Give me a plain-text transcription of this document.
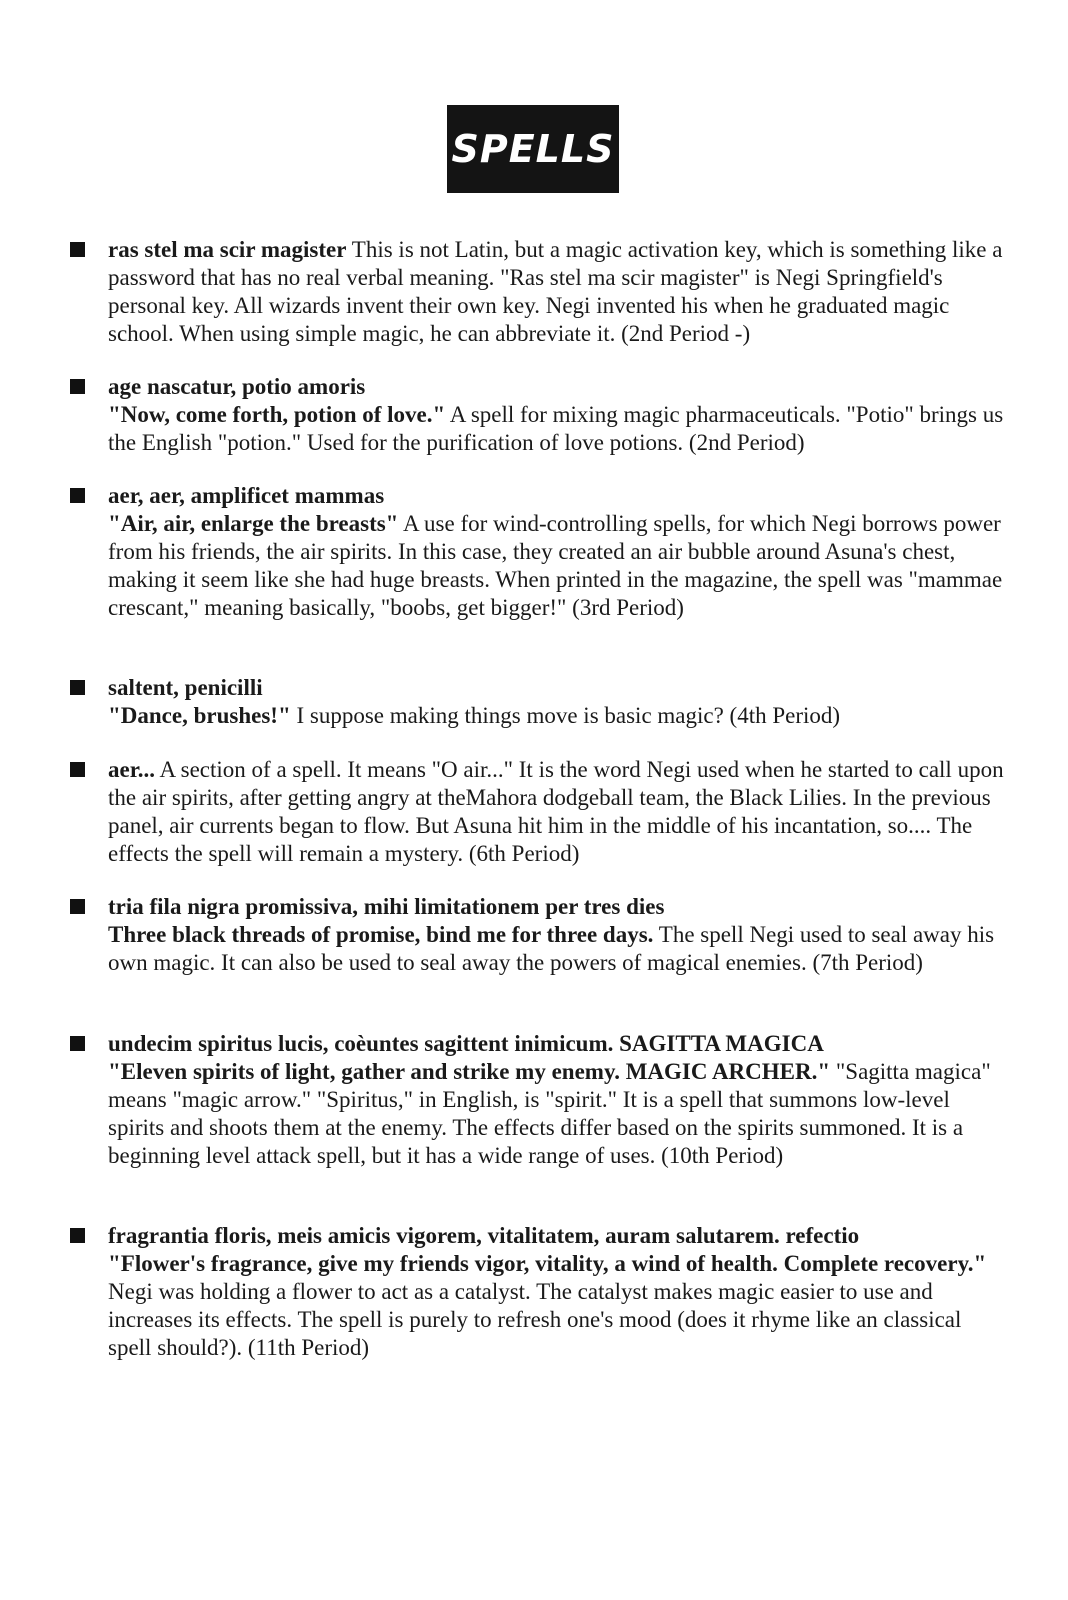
SPELLS
ras stel ma scir magister This is not Latin, but a magic activation key, which is something like a password that has no real verbal meaning. "Ras stel ma scir magister" is Negi Springfield's personal key. All wizards invent their own key. Negi invented his when he graduated magic school. When using simple magic, he can abbreviate it. (2nd Period -)
age nascatur, potio amoris
"Now, come forth, potion of love." A spell for mixing magic pharmaceuticals. "Potio" brings us the English "potion." Used for the purification of love potions. (2nd Period)
aer, aer, amplificet mammas
"Air, air, enlarge the breasts" A use for wind-controlling spells, for which Negi borrows power from his friends, the air spirits. In this case, they created an air bubble around Asuna's chest, making it seem like she had huge breasts. When printed in the magazine, the spell was "mammae crescant," meaning basically, "boobs, get bigger!" (3rd Period)
saltent, penicilli
"Dance, brushes!" I suppose making things move is basic magic? (4th Period)
aer... A section of a spell. It means "O air..." It is the word Negi used when he started to call upon the air spirits, after getting angry at theMahora dodgeball team, the Black Lilies. In the previous panel, air currents began to flow. But Asuna hit him in the middle of his incantation, so.... The effects the spell will remain a mystery. (6th Period)
tria fila nigra promissiva, mihi limitationem per tres dies
Three black threads of promise, bind me for three days. The spell Negi used to seal away his own magic. It can also be used to seal away the powers of magical enemies. (7th Period)
undecim spiritus lucis, coèuntes sagittent inimicum. SAGITTA MAGICA
"Eleven spirits of light, gather and strike my enemy. MAGIC ARCHER." "Sagitta magica" means "magic arrow." "Spiritus," in English, is "spirit." It is a spell that summons low-level spirits and shoots them at the enemy. The effects differ based on the spirits summoned. It is a beginning level attack spell, but it has a wide range of uses. (10th Period)
fragrantia floris, meis amicis vigorem, vitalitatem, auram salutarem. refectio
"Flower's fragrance, give my friends vigor, vitality, a wind of health. Complete recovery." Negi was holding a flower to act as a catalyst. The catalyst makes magic easier to use and increases its effects. The spell is purely to refresh one's mood (does it rhyme like an classical spell should?). (11th Period)
